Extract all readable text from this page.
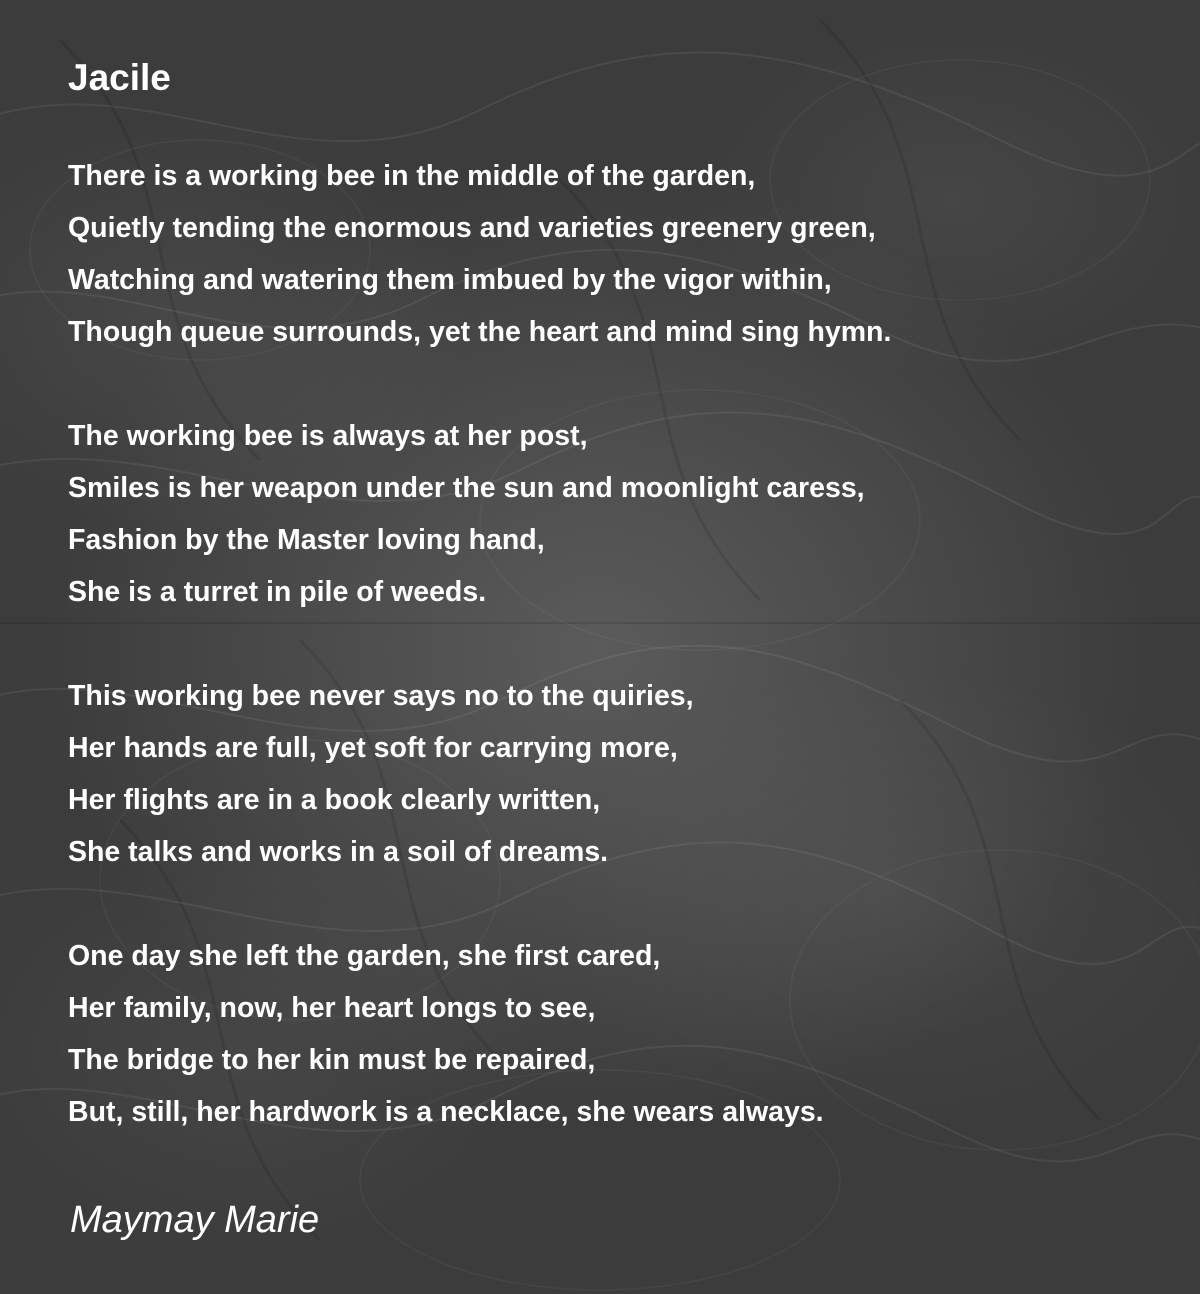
Jacile
There is a working bee in the middle of the garden,
Quietly tending the enormous and varieties greenery green,
Watching and watering them imbued by the vigor within,
Though queue surrounds, yet the heart and mind sing hymn.
The working bee is always at her post,
Smiles is her weapon under the sun and moonlight caress,
Fashion by the Master loving hand,
She is a turret in pile of weeds.
This working bee never says no to the quiries,
Her hands are full, yet soft for carrying more,
Her flights are in a book clearly written,
She talks and works in a soil of dreams.
One day she left the garden, she first cared,
Her family, now, her heart longs to see,
The bridge to her kin must be repaired,
But, still, her hardwork is a necklace, she wears always.

Maymay Marie
